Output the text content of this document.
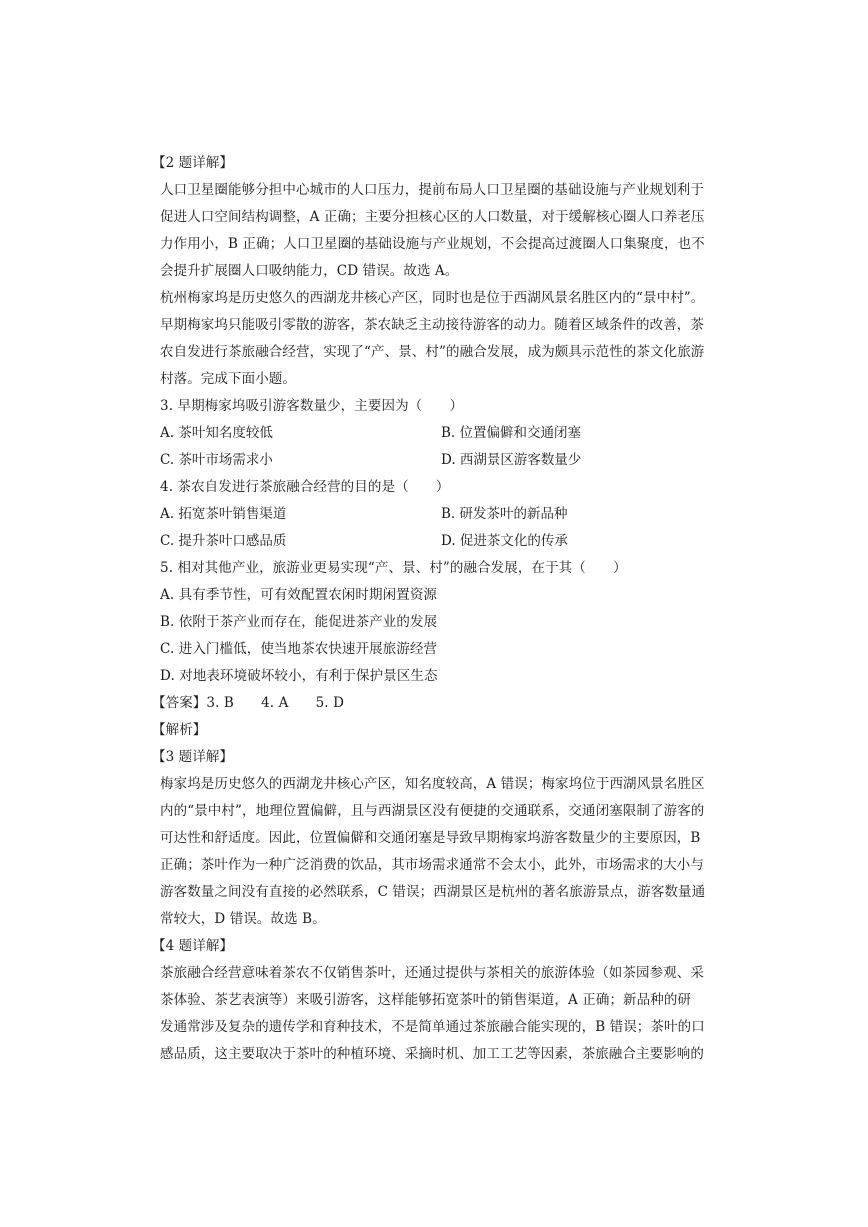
【2 题详解】
人口卫星圈能够分担中心城市的人口压力，提前布局人口卫星圈的基础设施与产业规划利于
促进人口空间结构调整，A 正确；主要分担核心区的人口数量，对于缓解核心圈人口养老压
力作用小，B 正确；人口卫星圈的基础设施与产业规划，不会提高过渡圈人口集聚度，也不
会提升扩展圈人口吸纳能力，CD 错误。故选 A。
杭州梅家坞是历史悠久的西湖龙井核心产区，同时也是位于西湖风景名胜区内的“景中村”。
早期梅家坞只能吸引零散的游客，茶农缺乏主动接待游客的动力。随着区域条件的改善，茶
农自发进行茶旅融合经营，实现了“产、景、村”的融合发展，成为颇具示范性的茶文化旅游
村落。完成下面小题。
3. 早期梅家坞吸引游客数量少，主要因为（　　）
A. 茶叶知名度较低	B. 位置偏僻和交通闭塞
C. 茶叶市场需求小	D. 西湖景区游客数量少
4. 茶农自发进行茶旅融合经营的目的是（　　）
A. 拓宽茶叶销售渠道	B. 研发茶叶的新品种
C. 提升茶叶口感品质	D. 促进茶文化的传承
5. 相对其他产业，旅游业更易实现“产、景、村”的融合发展，在于其（　　）
A. 具有季节性，可有效配置农闲时期闲置资源
B. 依附于茶产业而存在，能促进茶产业的发展
C. 进入门槛低，使当地茶农快速开展旅游经营
D. 对地表环境破坏较小，有利于保护景区生态
【答案】3. B　　4. A　　5. D
【解析】
【3 题详解】
梅家坞是历史悠久的西湖龙井核心产区，知名度较高，A 错误；梅家坞位于西湖风景名胜区
内的“景中村”，地理位置偏僻，且与西湖景区没有便捷的交通联系，交通闭塞限制了游客的
可达性和舒适度。因此，位置偏僻和交通闭塞是导致早期梅家坞游客数量少的主要原因，B
正确；茶叶作为一种广泛消费的饮品，其市场需求通常不会太小，此外，市场需求的大小与
游客数量之间没有直接的必然联系，C 错误；西湖景区是杭州的著名旅游景点，游客数量通
常较大，D 错误。故选 B。
【4 题详解】
茶旅融合经营意味着茶农不仅销售茶叶，还通过提供与茶相关的旅游体验（如茶园参观、采
茶体验、茶艺表演等）来吸引游客，这样能够拓宽茶叶的销售渠道，A 正确；新品种的研
发通常涉及复杂的遗传学和育种技术，不是简单通过茶旅融合能实现的，B 错误；茶叶的口
感品质，这主要取决于茶叶的种植环境、采摘时机、加工工艺等因素，茶旅融合主要影响的
